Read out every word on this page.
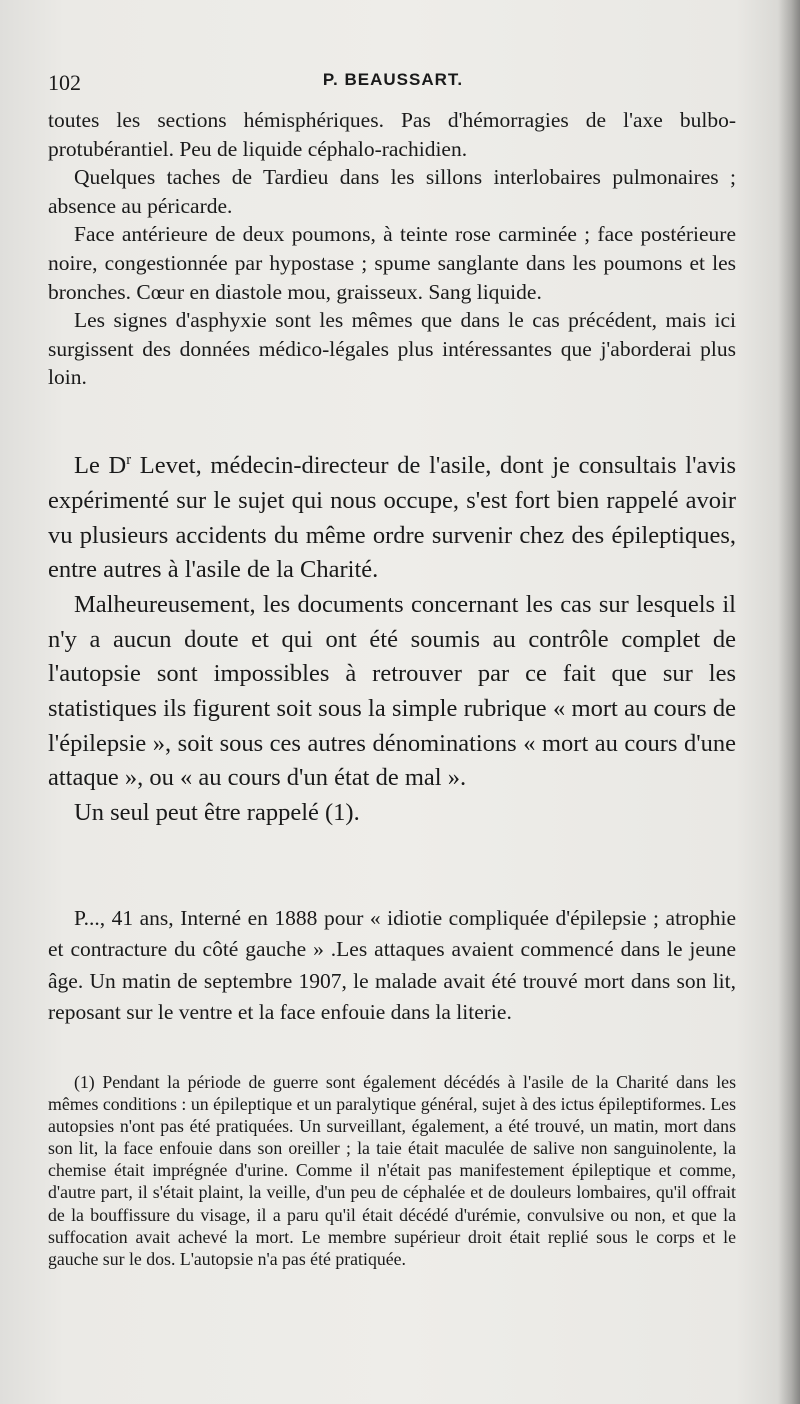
102	P. BEAUSSART.

toutes les sections hémisphériques. Pas d'hémorragies de l'axe bulbo-protubérantiel. Peu de liquide céphalo-rachidien.

Quelques taches de Tardieu dans les sillons interlobaires pulmonaires ; absence au péricarde.

Face antérieure de deux poumons, à teinte rose carminée ; face postérieure noire, congestionnée par hypostase ; spume sanglante dans les poumons et les bronches. Cœur en diastole mou, graisseux. Sang liquide.

Les signes d'asphyxie sont les mêmes que dans le cas précédent, mais ici surgissent des données médico-légales plus intéressantes que j'aborderai plus loin.

Le $D^r$ Levet, médecin-directeur de l'asile, dont je consultais l'avis expérimenté sur le sujet qui nous occupe, s'est fort bien rappelé avoir vu plusieurs accidents du même ordre survenir chez des épileptiques, entre autres à l'asile de la Charité.

Malheureusement, les documents concernant les cas sur lesquels il n'y a aucun doute et qui ont été soumis au contrôle complet de l'autopsie sont impossibles à retrouver par ce fait que sur les statistiques ils figurent soit sous la simple rubrique « mort au cours de l'épilepsie », soit sous ces autres dénominations « mort au cours d'une attaque », ou « au cours d'un état de mal ».

Un seul peut être rappelé (1).

P..., 41 ans, Interné en 1888 pour « idiotie compliquée d'épilepsie ; atrophie et contracture du côté gauche » .Les attaques avaient commencé dans le jeune âge. Un matin de septembre 1907, le malade avait été trouvé mort dans son lit, reposant sur le ventre et la face enfouie dans la literie.

(1) Pendant la période de guerre sont également décédés à l'asile de la Charité dans les mêmes conditions : un épileptique et un paralytique général, sujet à des ictus épileptiformes. Les autopsies n'ont pas été pratiquées. Un surveillant, également, a été trouvé, un matin, mort dans son lit, la face enfouie dans son oreiller ; la taie était maculée de salive non sanguinolente, la chemise était imprégnée d'urine. Comme il n'était pas manifestement épileptique et comme, d'autre part, il s'était plaint, la veille, d'un peu de céphalée et de douleurs lombaires, qu'il offrait de la bouffissure du visage, il a paru qu'il était décédé d'urémie, convulsive ou non, et que la suffocation avait achevé la mort. Le membre supérieur droit était replié sous le corps et le gauche sur le dos. L'autopsie n'a pas été pratiquée.
